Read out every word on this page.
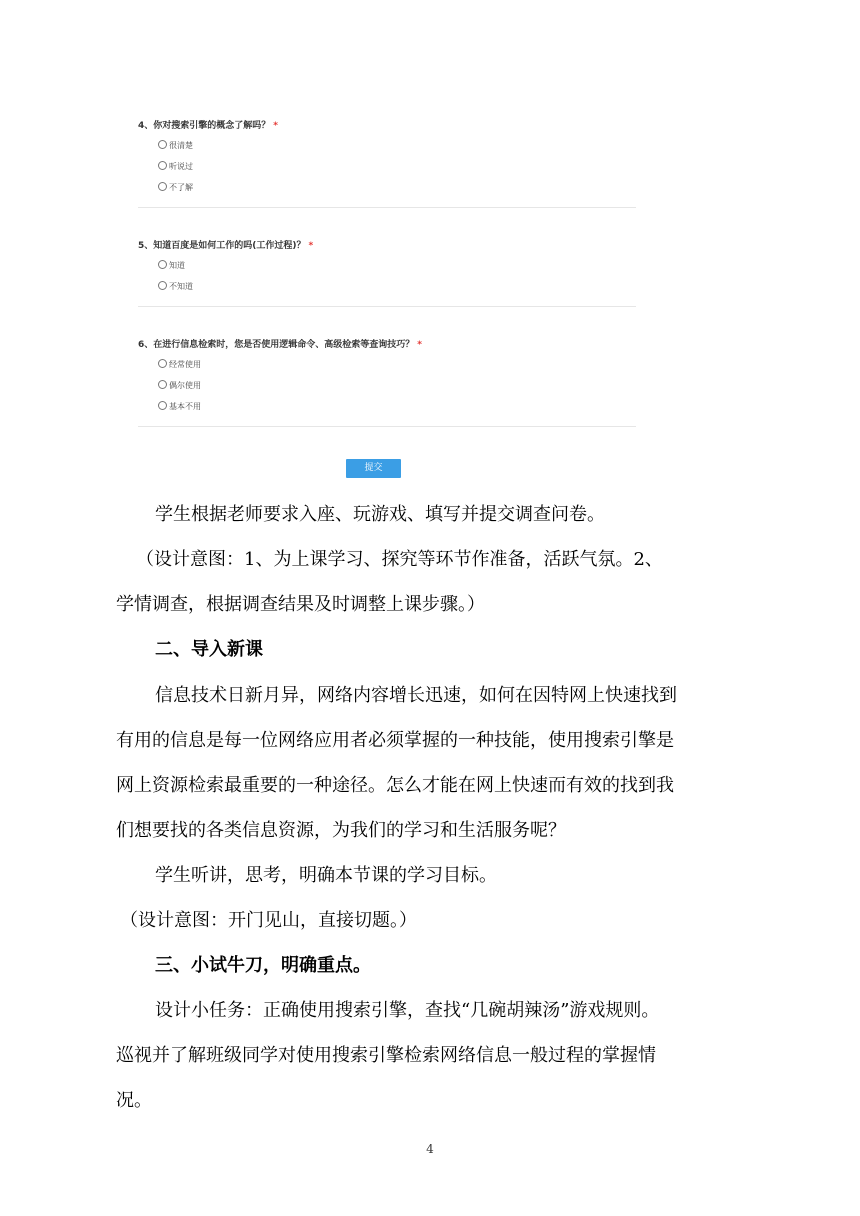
4、你对搜索引擎的概念了解吗？ *
很清楚
听说过
不了解
5、知道百度是如何工作的吗(工作过程)？ *
知道
不知道
6、在进行信息检索时，您是否使用逻辑命令、高级检索等查询技巧？ *
经常使用
偶尔使用
基本不用
提交
学生根据老师要求入座、玩游戏、填写并提交调查问卷。
（设计意图：1、为上课学习、探究等环节作准备，活跃气氛。2、
学情调查，根据调查结果及时调整上课步骤。）
二、导入新课
信息技术日新月异，网络内容增长迅速，如何在因特网上快速找到
有用的信息是每一位网络应用者必须掌握的一种技能，使用搜索引擎是
网上资源检索最重要的一种途径。怎么才能在网上快速而有效的找到我
们想要找的各类信息资源，为我们的学习和生活服务呢？
学生听讲，思考，明确本节课的学习目标。
（设计意图：开门见山，直接切题。）
三、小试牛刀，明确重点。
设计小任务：正确使用搜索引擎，查找“几碗胡辣汤”游戏规则。
巡视并了解班级同学对使用搜索引擎检索网络信息一般过程的掌握情
况。
4
